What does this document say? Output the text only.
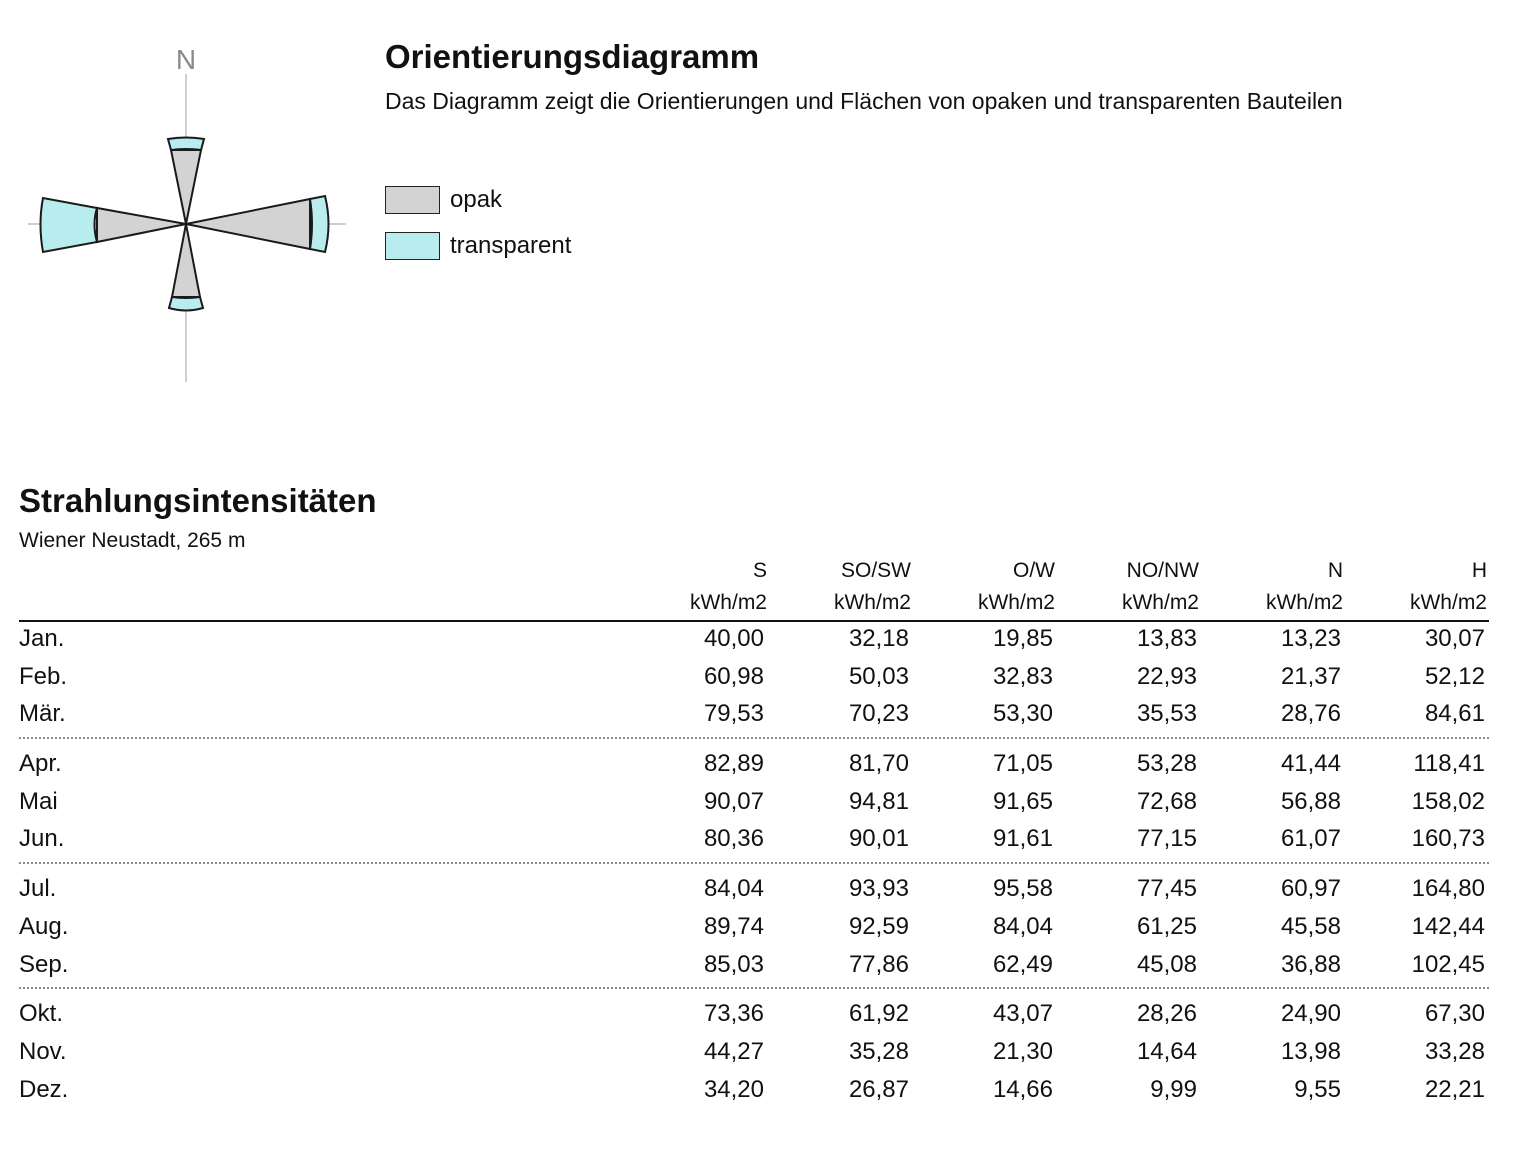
N	Orientierungsdiagramm

Das Diagramm zeigt die Orientierungen und Flächen von opaken und transparenten Bauteilen

opak
transparent
Strahlungsintensitäten

Wiener Neustadt, 265 m

S	SO/SW	O/W	NO/NW	N	H
kWh/m2	kWh/m2	kWh/m2	kWh/m2	kWh/m2	kWh/m2
Jan.	40,00	32,18	19,85	13,83	13,23	30,07
Feb.	60,98	50,03	32,83	22,93	21,37	52,12
Mär.	79,53	70,23	53,30	35,53	28,76	84,61
Apr.	82,89	81,70	71,05	53,28	41,44	118,41
Mai	90,07	94,81	91,65	72,68	56,88	158,02
Jun.	80,36	90,01	91,61	77,15	61,07	160,73
Jul.	84,04	93,93	95,58	77,45	60,97	164,80
Aug.	89,74	92,59	84,04	61,25	45,58	142,44
Sep.	85,03	77,86	62,49	45,08	36,88	102,45
Okt.	73,36	61,92	43,07	28,26	24,90	67,30
Nov.	44,27	35,28	21,30	14,64	13,98	33,28
Dez.	34,20	26,87	14,66	9,99	9,55	22,21
